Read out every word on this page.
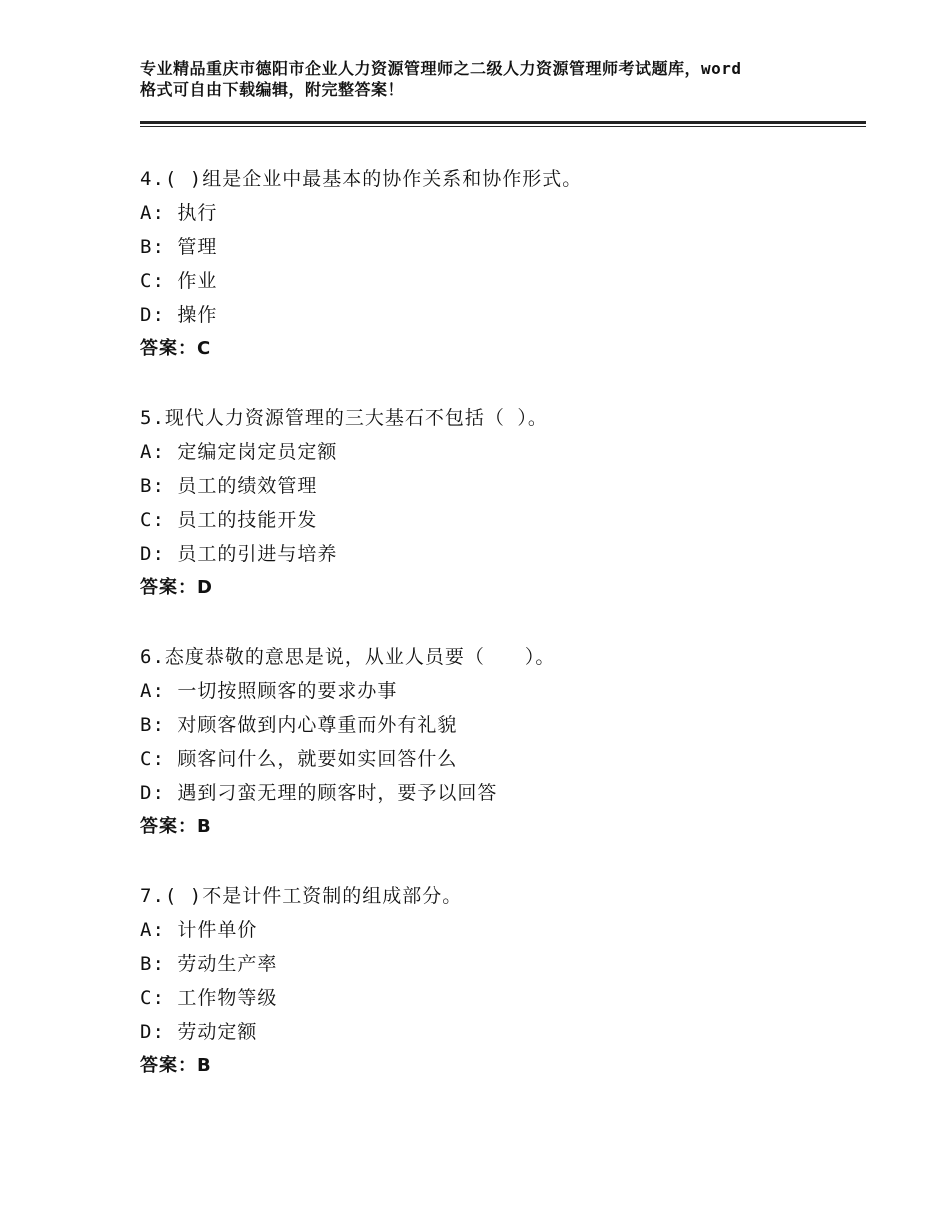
专业精品重庆市德阳市企业人力资源管理师之二级人力资源管理师考试题库，word
格式可自由下载编辑，附完整答案！
4.( )组是企业中最基本的协作关系和协作形式。
A: 执行
B: 管理
C: 作业
D: 操作
答案：C
5.现代人力资源管理的三大基石不包括（ ）。
A: 定编定岗定员定额
B: 员工的绩效管理
C: 员工的技能开发
D: 员工的引进与培养
答案：D
6.态度恭敬的意思是说，从业人员要（　　）。
A: 一切按照顾客的要求办事
B: 对顾客做到内心尊重而外有礼貌
C: 顾客问什么，就要如实回答什么
D: 遇到刁蛮无理的顾客时，要予以回答
答案：B
7.( )不是计件工资制的组成部分。
A: 计件单价
B: 劳动生产率
C: 工作物等级
D: 劳动定额
答案：B
